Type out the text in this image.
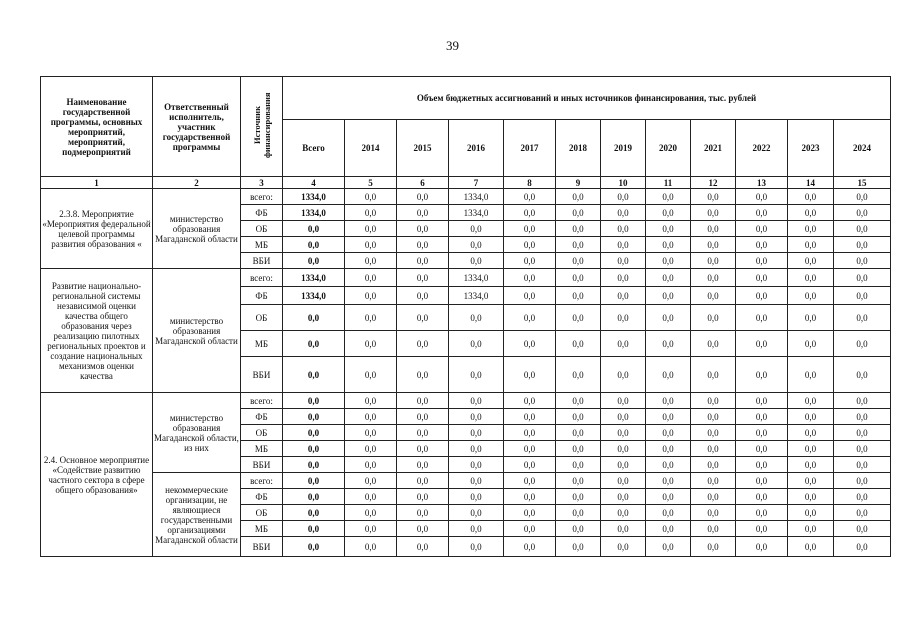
39
Наименование государственной программы, основных мероприятий, мероприятий, подмероприятий	Ответственный исполнитель, участник государственной программы	Источник финансирования	Объем бюджетных ассигнований и иных источников финансирования, тыс. рублей											
			Всего	2014	2015	2016	2017	2018	2019	2020	2021	2022	2023	2024
1	2	3	4	5	6	7	8	9	10	11	12	13	14	15
2.3.8. Мероприятие «Мероприятия федеральной целевой программы развития образования «	министерство образования Магаданской области	всего:	1334,0	0,0	0,0	1334,0	0,0	0,0	0,0	0,0	0,0	0,0	0,0	0,0
		ФБ	1334,0	0,0	0,0	1334,0	0,0	0,0	0,0	0,0	0,0	0,0	0,0	0,0
		ОБ	0,0	0,0	0,0	0,0	0,0	0,0	0,0	0,0	0,0	0,0	0,0	0,0
		МБ	0,0	0,0	0,0	0,0	0,0	0,0	0,0	0,0	0,0	0,0	0,0	0,0
		ВБИ	0,0	0,0	0,0	0,0	0,0	0,0	0,0	0,0	0,0	0,0	0,0	0,0
Развитие национально-региональной системы независимой оценки качества общего образования через реализацию пилотных региональных проектов и создание национальных механизмов оценки качества	министерство образования Магаданской области	всего:	1334,0	0,0	0,0	1334,0	0,0	0,0	0,0	0,0	0,0	0,0	0,0	0,0
		ФБ	1334,0	0,0	0,0	1334,0	0,0	0,0	0,0	0,0	0,0	0,0	0,0	0,0
		ОБ	0,0	0,0	0,0	0,0	0,0	0,0	0,0	0,0	0,0	0,0	0,0	0,0
		МБ	0,0	0,0	0,0	0,0	0,0	0,0	0,0	0,0	0,0	0,0	0,0	0,0
		ВБИ	0,0	0,0	0,0	0,0	0,0	0,0	0,0	0,0	0,0	0,0	0,0	0,0
2.4. Основное мероприятие «Содействие развитию частного сектора в сфере общего образования»	министерство образования Магаданской области, из них	всего:	0,0	0,0	0,0	0,0	0,0	0,0	0,0	0,0	0,0	0,0	0,0	0,0
		ФБ	0,0	0,0	0,0	0,0	0,0	0,0	0,0	0,0	0,0	0,0	0,0	0,0
		ОБ	0,0	0,0	0,0	0,0	0,0	0,0	0,0	0,0	0,0	0,0	0,0	0,0
		МБ	0,0	0,0	0,0	0,0	0,0	0,0	0,0	0,0	0,0	0,0	0,0	0,0
		ВБИ	0,0	0,0	0,0	0,0	0,0	0,0	0,0	0,0	0,0	0,0	0,0	0,0
	некоммерческие организации, не являющиеся государственными организациями Магаданской области	всего:	0,0	0,0	0,0	0,0	0,0	0,0	0,0	0,0	0,0	0,0	0,0	0,0
		ФБ	0,0	0,0	0,0	0,0	0,0	0,0	0,0	0,0	0,0	0,0	0,0	0,0
		ОБ	0,0	0,0	0,0	0,0	0,0	0,0	0,0	0,0	0,0	0,0	0,0	0,0
		МБ	0,0	0,0	0,0	0,0	0,0	0,0	0,0	0,0	0,0	0,0	0,0	0,0
		ВБИ	0,0	0,0	0,0	0,0	0,0	0,0	0,0	0,0	0,0	0,0	0,0	0,0
